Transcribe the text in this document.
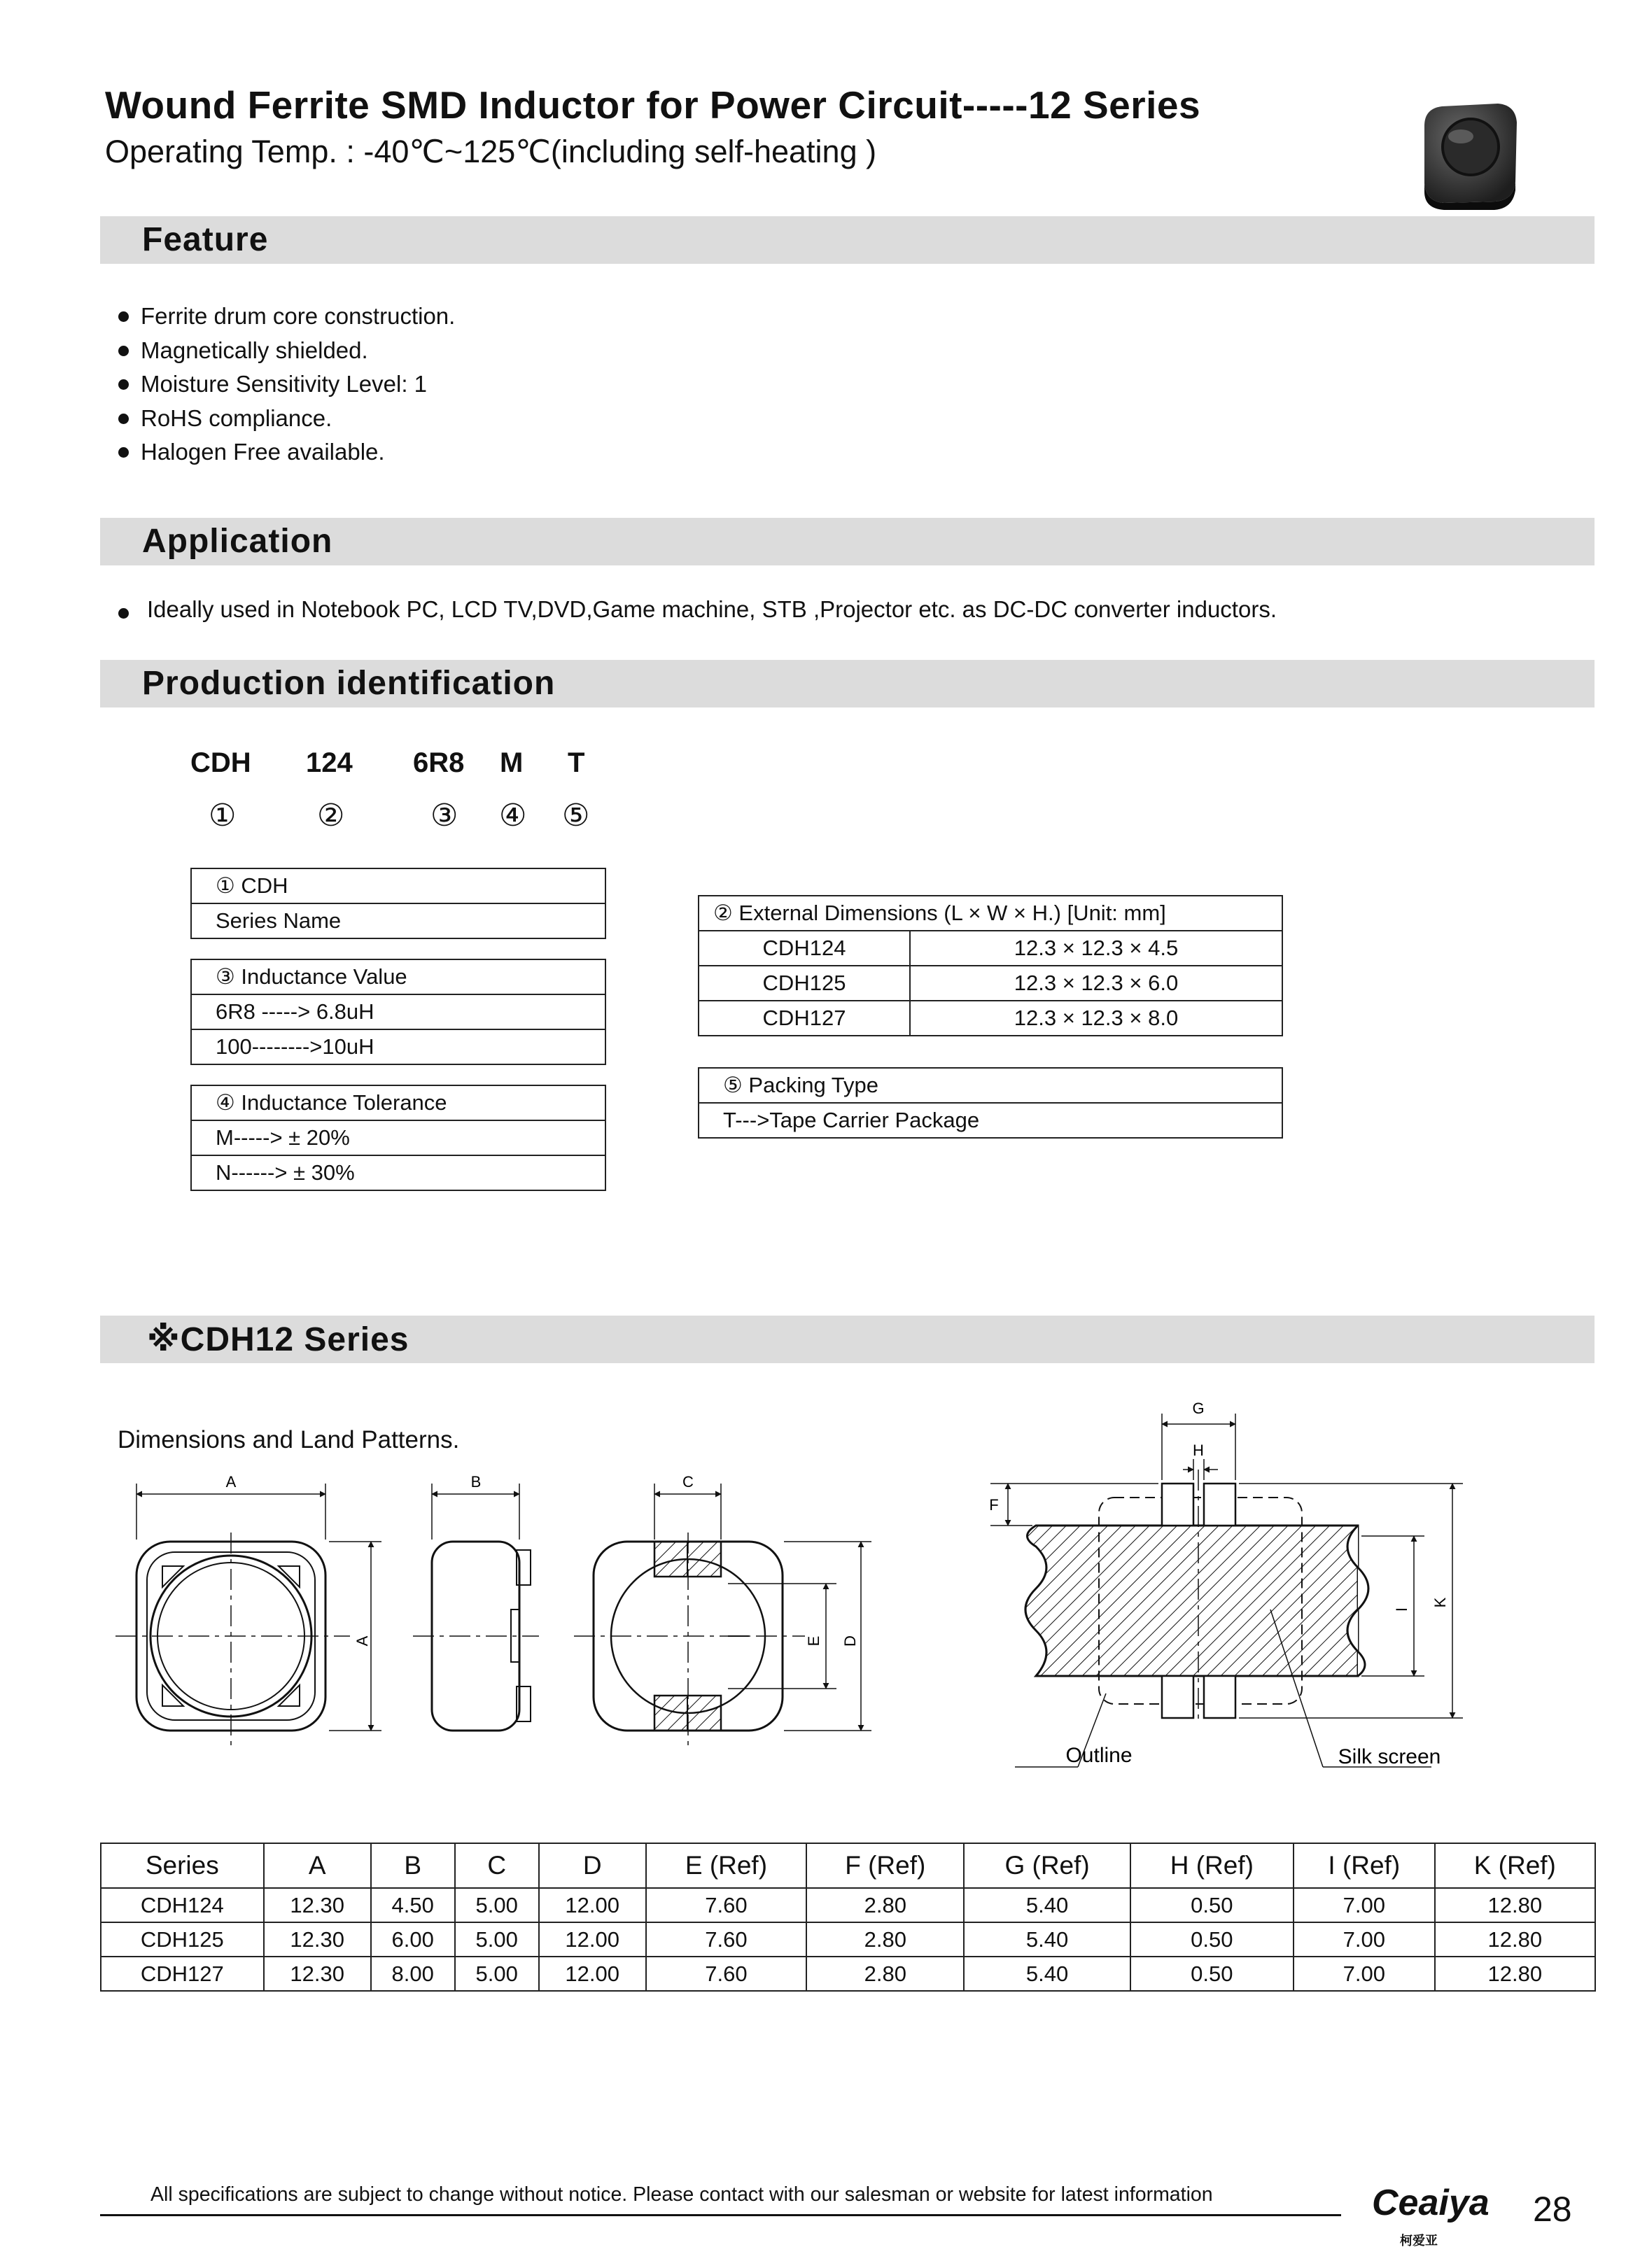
Wound Ferrite SMD Inductor for Power Circuit-----12 Series
Operating Temp. : -40℃~125℃(including self-heating )
Feature
Ferrite drum core construction.
Magnetically shielded.
Moisture Sensitivity Level: 1
RoHS compliance.
Halogen Free available.
Application
Ideally used in Notebook PC, LCD TV,DVD,Game machine, STB ,Projector etc. as DC-DC converter inductors.
Production identification
CDH 124 6R8 M T
①	②	③ ④ ⑤
① CDH
Series Name
③ Inductance Value
6R8 -----> 6.8uH
100-------->10uH
④ Inductance Tolerance
M-----> ± 20%
N------> ± 30%
② External Dimensions (L × W × H.) [Unit: mm]
CDH124	12.3 × 12.3 × 4.5
CDH125	12.3 × 12.3 × 6.0
CDH127	12.3 × 12.3 × 8.0
⑤ Packing Type
T--->Tape Carrier Package
※CDH12 Series
Dimensions and Land Patterns.
A
A
B	C
E D
G
H
F
I
K
Outline	Silk screen
Series	A	B	C	D	E (Ref)	F (Ref)	G (Ref)	H (Ref)	I (Ref)	K (Ref)
CDH124	12.30	4.50	5.00	12.00	7.60	2.80	5.40	0.50	7.00	12.80
CDH125	12.30	6.00	5.00	12.00	7.60	2.80	5.40	0.50	7.00	12.80
CDH127	12.30	8.00	5.00	12.00	7.60	2.80	5.40	0.50	7.00	12.80
All specifications are subject to change without notice. Please contact with our salesman or website for latest information	Ceaiya
柯爱亚
28
